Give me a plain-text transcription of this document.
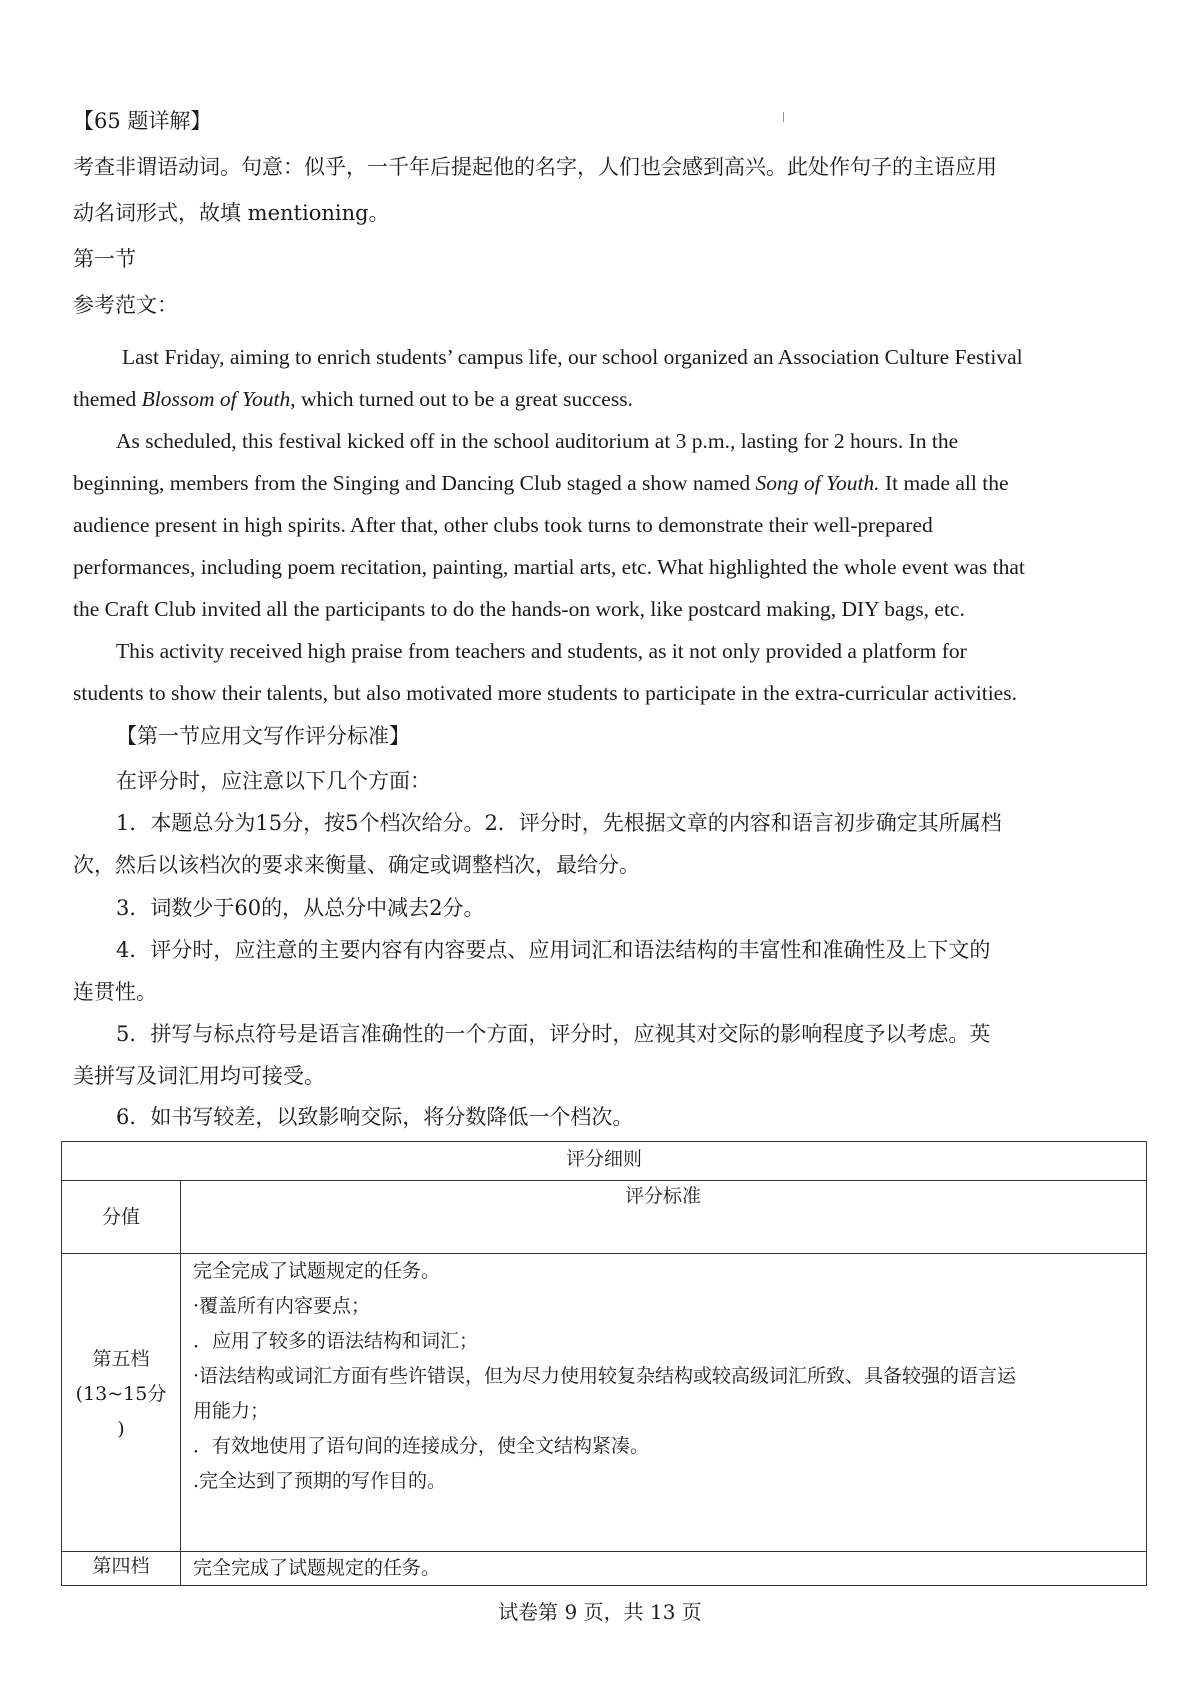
【65 题详解】
考查非谓语动词。句意：似乎，一千年后提起他的名字，人们也会感到高兴。此处作句子的主语应用
动名词形式，故填 mentioning。
第一节
参考范文：
Last Friday, aiming to enrich students’ campus life, our school organized an Association Culture Festival
themed Blossom of Youth, which turned out to be a great success.
As scheduled, this festival kicked off in the school auditorium at 3 p.m., lasting for 2 hours. In the
beginning, members from the Singing and Dancing Club staged a show named Song of Youth. It made all the
audience present in high spirits. After that, other clubs took turns to demonstrate their well-prepared
performances, including poem recitation, painting, martial arts, etc. What highlighted the whole event was that
the Craft Club invited all the participants to do the hands-on work, like postcard making, DIY bags, etc.
This activity received high praise from teachers and students, as it not only provided a platform for
students to show their talents, but also motivated more students to participate in the extra-curricular activities.
【第一节应用文写作评分标准】
在评分时，应注意以下几个方面：
1．本题总分为15分，按5个档次给分。2．评分时，先根据文章的内容和语言初步确定其所属档
次，然后以该档次的要求来衡量、确定或调整档次，最给分。
3．词数少于60的，从总分中减去2分。
4．评分时，应注意的主要内容有内容要点、应用词汇和语法结构的丰富性和准确性及上下文的
连贯性。
5．拼写与标点符号是语言准确性的一个方面，评分时，应视其对交际的影响程度予以考虑。英
美拼写及词汇用均可接受。
6．如书写较差，以致影响交际，将分数降低一个档次。
评分细则
分值
评分标准
第五档
(13~15分
)
完全完成了试题规定的任务。
·覆盖所有内容要点；
．应用了较多的语法结构和词汇；
·语法结构或词汇方面有些许错误，但为尽力使用较复杂结构或较高级词汇所致、具备较强的语言运
用能力；
．有效地使用了语句间的连接成分，使全文结构紧凑。
.完全达到了预期的写作目的。
第四档	完全完成了试题规定的任务。
试卷第 9 页，共 13 页
